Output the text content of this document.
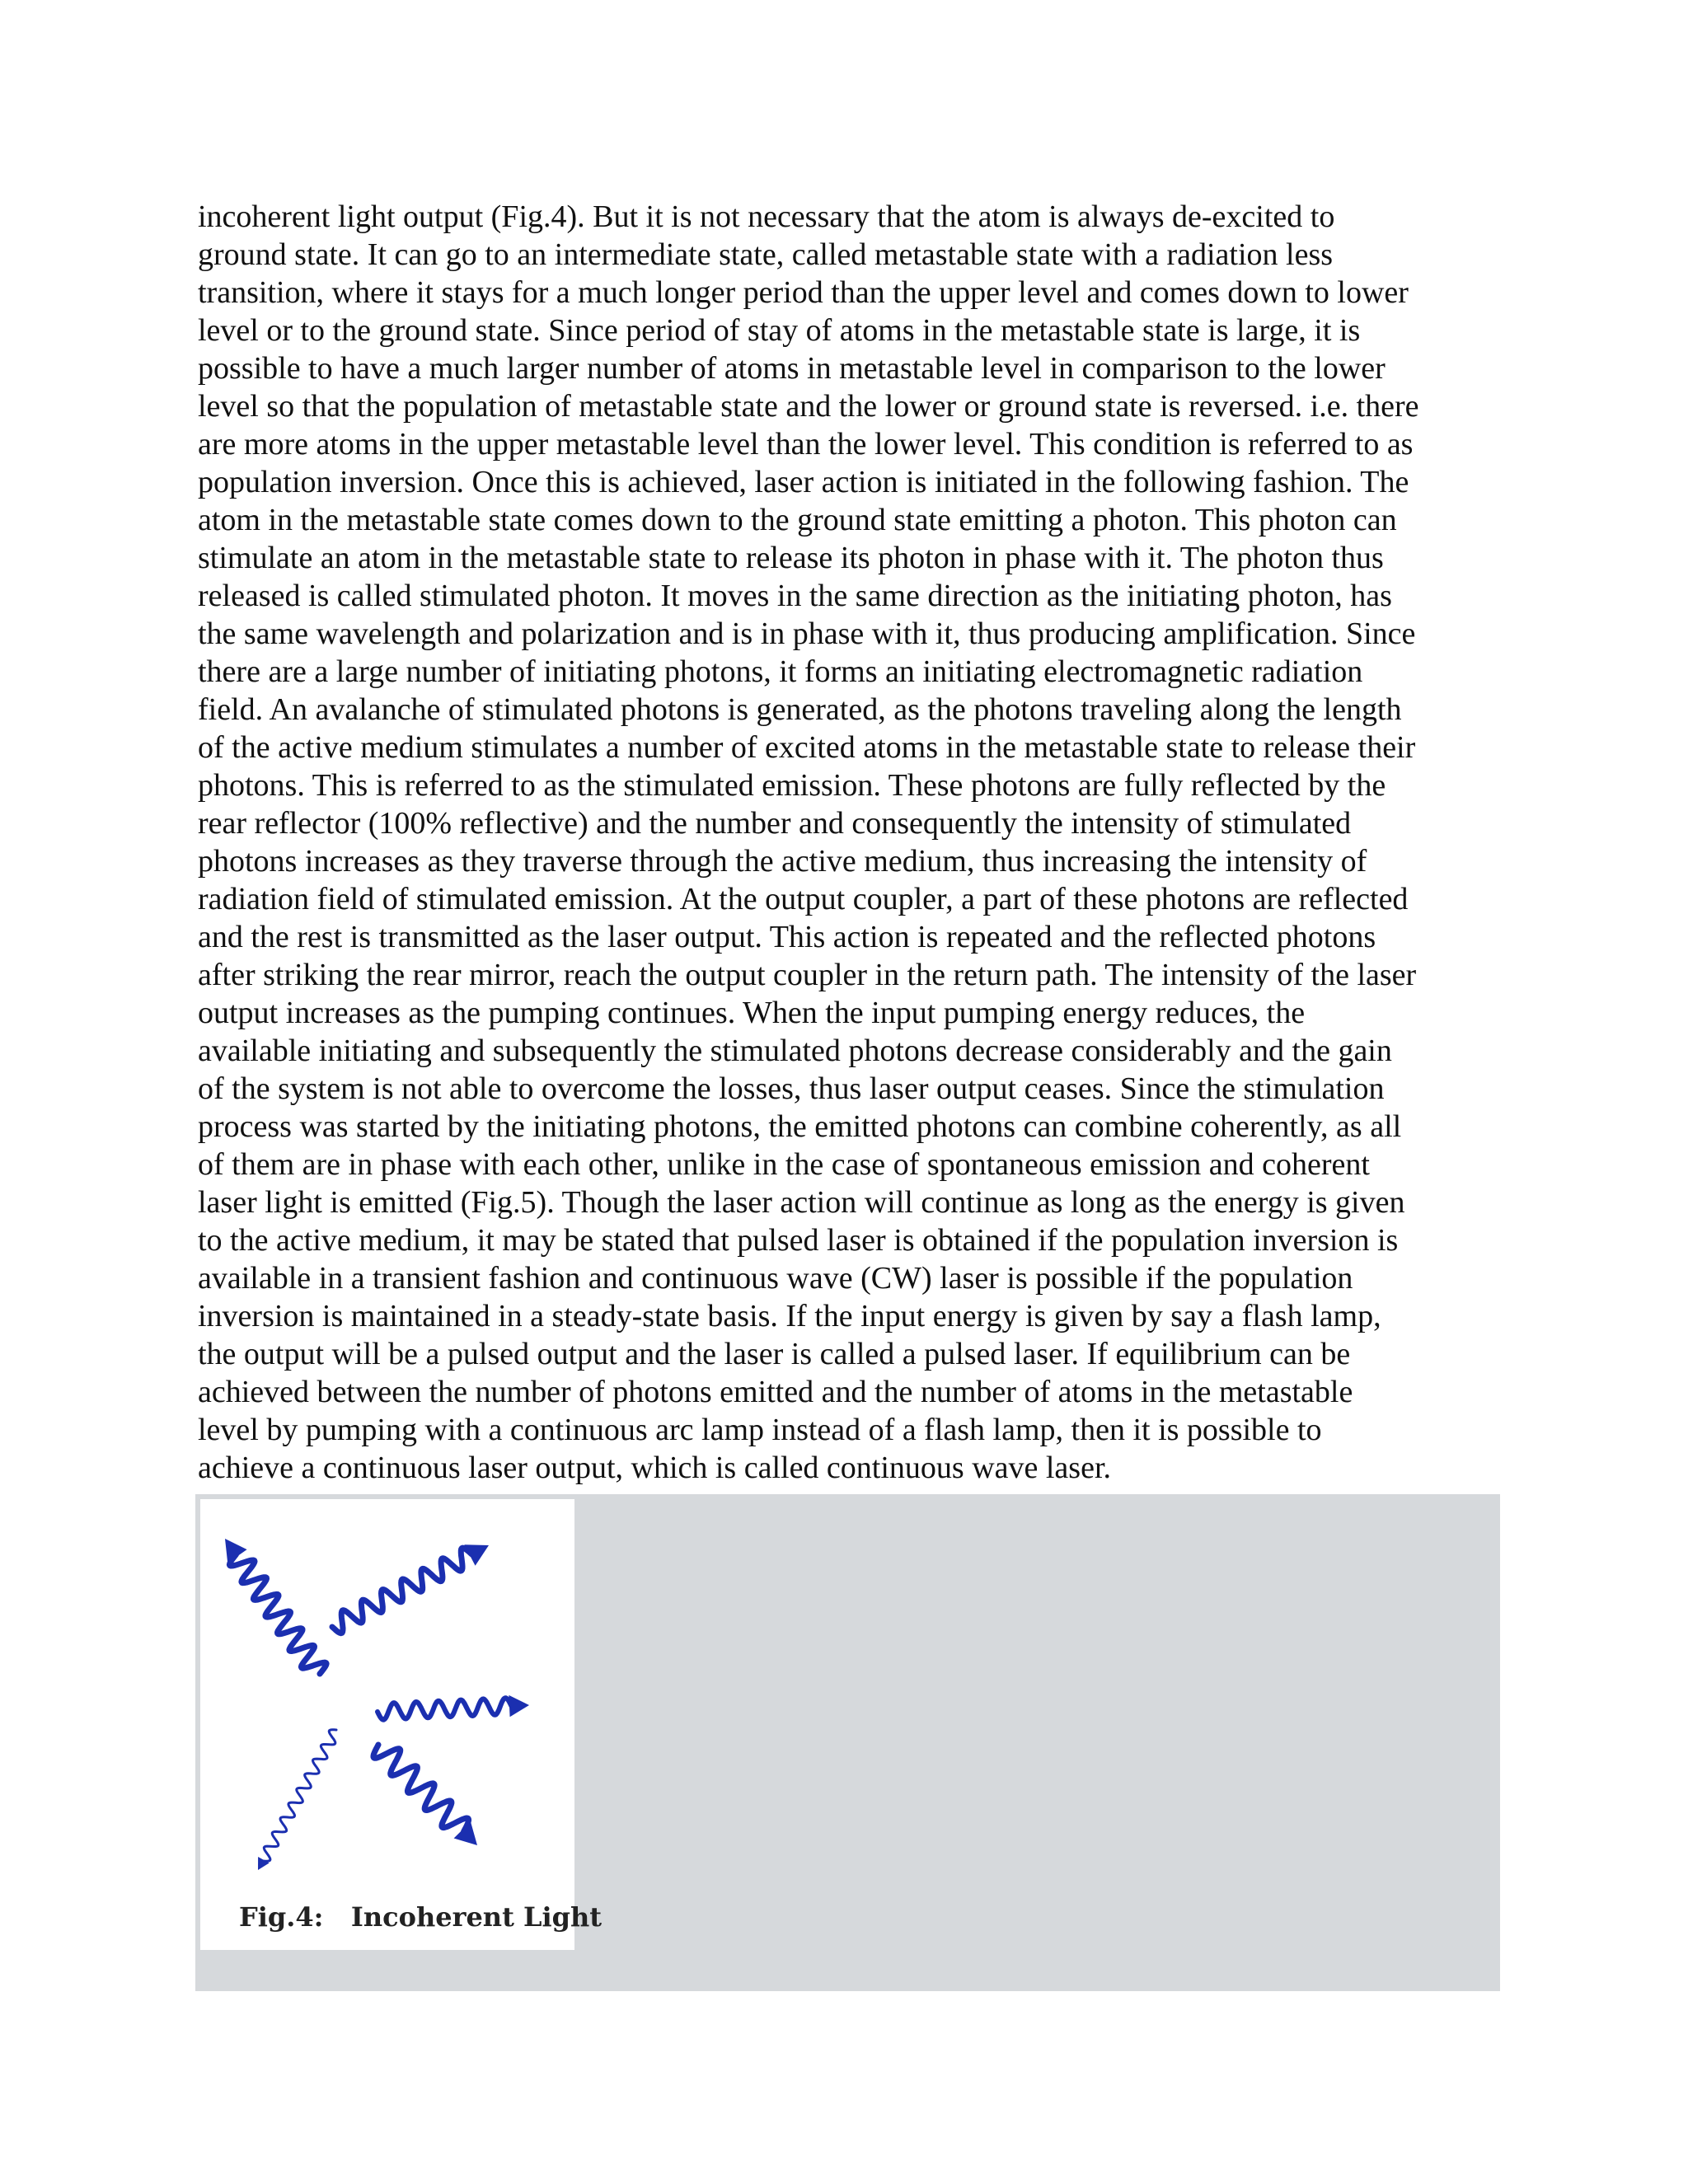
incoherent light output (Fig.4). But it is not necessary that the atom is always de-excited to
ground state. It can go to an intermediate state, called metastable state with a radiation less
transition, where it stays for a much longer period than the upper level and comes down to lower
level or to the ground state. Since period of stay of atoms in the metastable state is large, it is
possible to have a much larger number of atoms in metastable level in comparison to the lower
level so that the population of metastable state and the lower or ground state is reversed. i.e. there
are more atoms in the upper metastable level than the lower level. This condition is referred to as
population inversion. Once this is achieved, laser action is initiated in the following fashion. The
atom in the metastable state comes down to the ground state emitting a photon. This photon can
stimulate an atom in the metastable state to release its photon in phase with it. The photon thus
released is called stimulated photon. It moves in the same direction as the initiating photon, has
the same wavelength and polarization and is in phase with it, thus producing amplification. Since
there are a large number of initiating photons, it forms an initiating electromagnetic radiation
field. An avalanche of stimulated photons is generated, as the photons traveling along the length
of the active medium stimulates a number of excited atoms in the metastable state to release their
photons. This is referred to as the stimulated emission. These photons are fully reflected by the
rear reflector (100% reflective) and the number and consequently the intensity of stimulated
photons increases as they traverse through the active medium, thus increasing the intensity of
radiation field of stimulated emission. At the output coupler, a part of these photons are reflected
and the rest is transmitted as the laser output. This action is repeated and the reflected photons
after striking the rear mirror, reach the output coupler in the return path. The intensity of the laser
output increases as the pumping continues. When the input pumping energy reduces, the
available initiating and subsequently the stimulated photons decrease considerably and the gain
of the system is not able to overcome the losses, thus laser output ceases. Since the stimulation
process was started by the initiating photons, the emitted photons can combine coherently, as all
of them are in phase with each other, unlike in the case of spontaneous emission and coherent
laser light is emitted (Fig.5). Though the laser action will continue as long as the energy is given
to the active medium, it may be stated that pulsed laser is obtained if the population inversion is
available in a transient fashion and continuous wave (CW) laser is possible if the population
inversion is maintained in a steady-state basis. If the input energy is given by say a flash lamp,
the output will be a pulsed output and the laser is called a pulsed laser. If equilibrium can be
achieved between the number of photons emitted and the number of atoms in the metastable
level by pumping with a continuous arc lamp instead of a flash lamp, then it is possible to
achieve a continuous laser output, which is called continuous wave laser.

Fig.4:   Incoherent Light
